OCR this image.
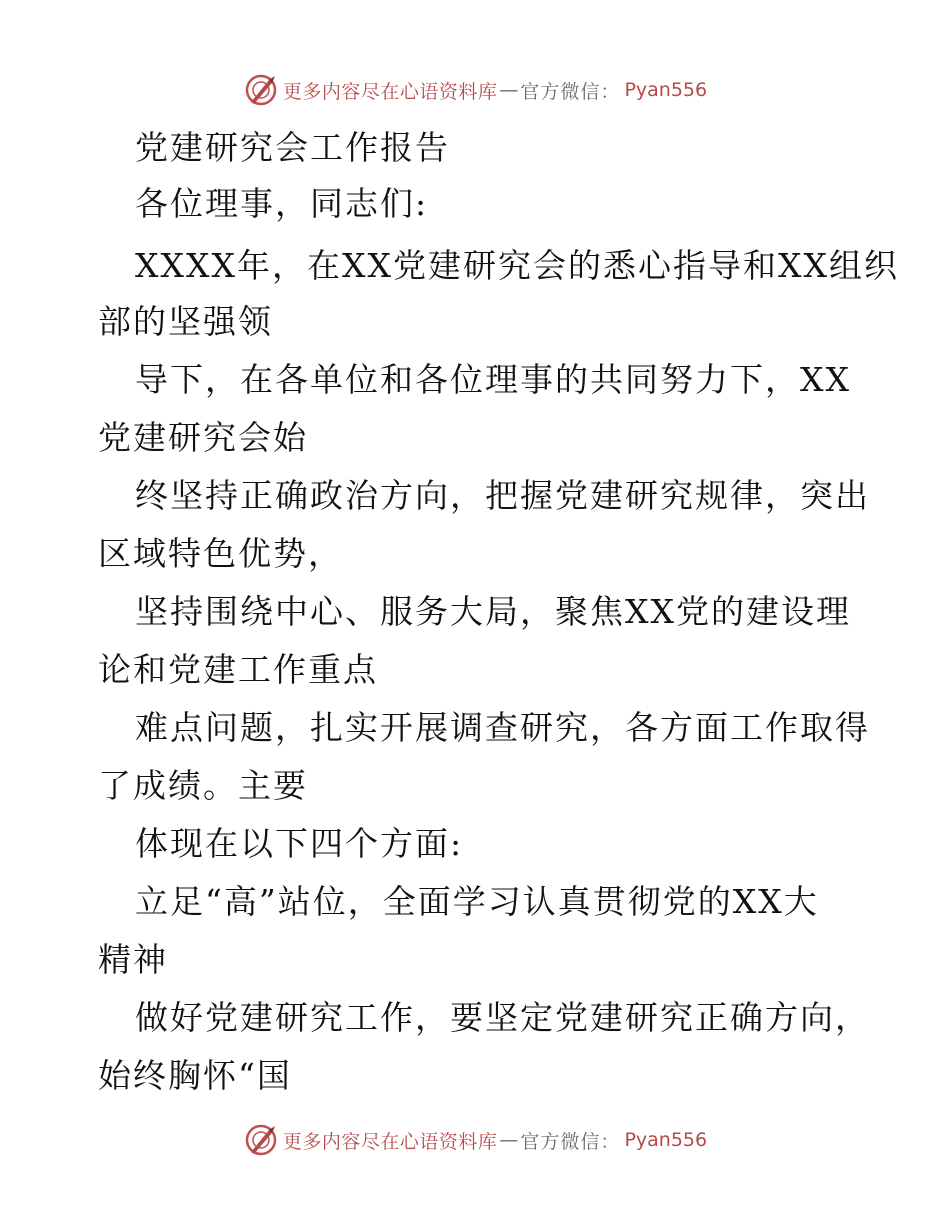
更多内容尽在心语资料库 — 官方微信： Pyan556
党建研究会工作报告
各位理事，同志们:
XXXX年，在XX党建研究会的悉心指导和XX组织
部的坚强领
导下，在各单位和各位理事的共同努力下，XX
党建研究会始
终坚持正确政治方向，把握党建研究规律，突出
区域特色优势，
坚持围绕中心、服务大局，聚焦XX党的建设理
论和党建工作重点
难点问题，扎实开展调查研究，各方面工作取得
了成绩。主要
体现在以下四个方面:
立足“高”站位，全面学习认真贯彻党的XX大
精神
做好党建研究工作，要坚定党建研究正确方向，
始终胸怀“国
更多内容尽在心语资料库 — 官方微信： Pyan556
